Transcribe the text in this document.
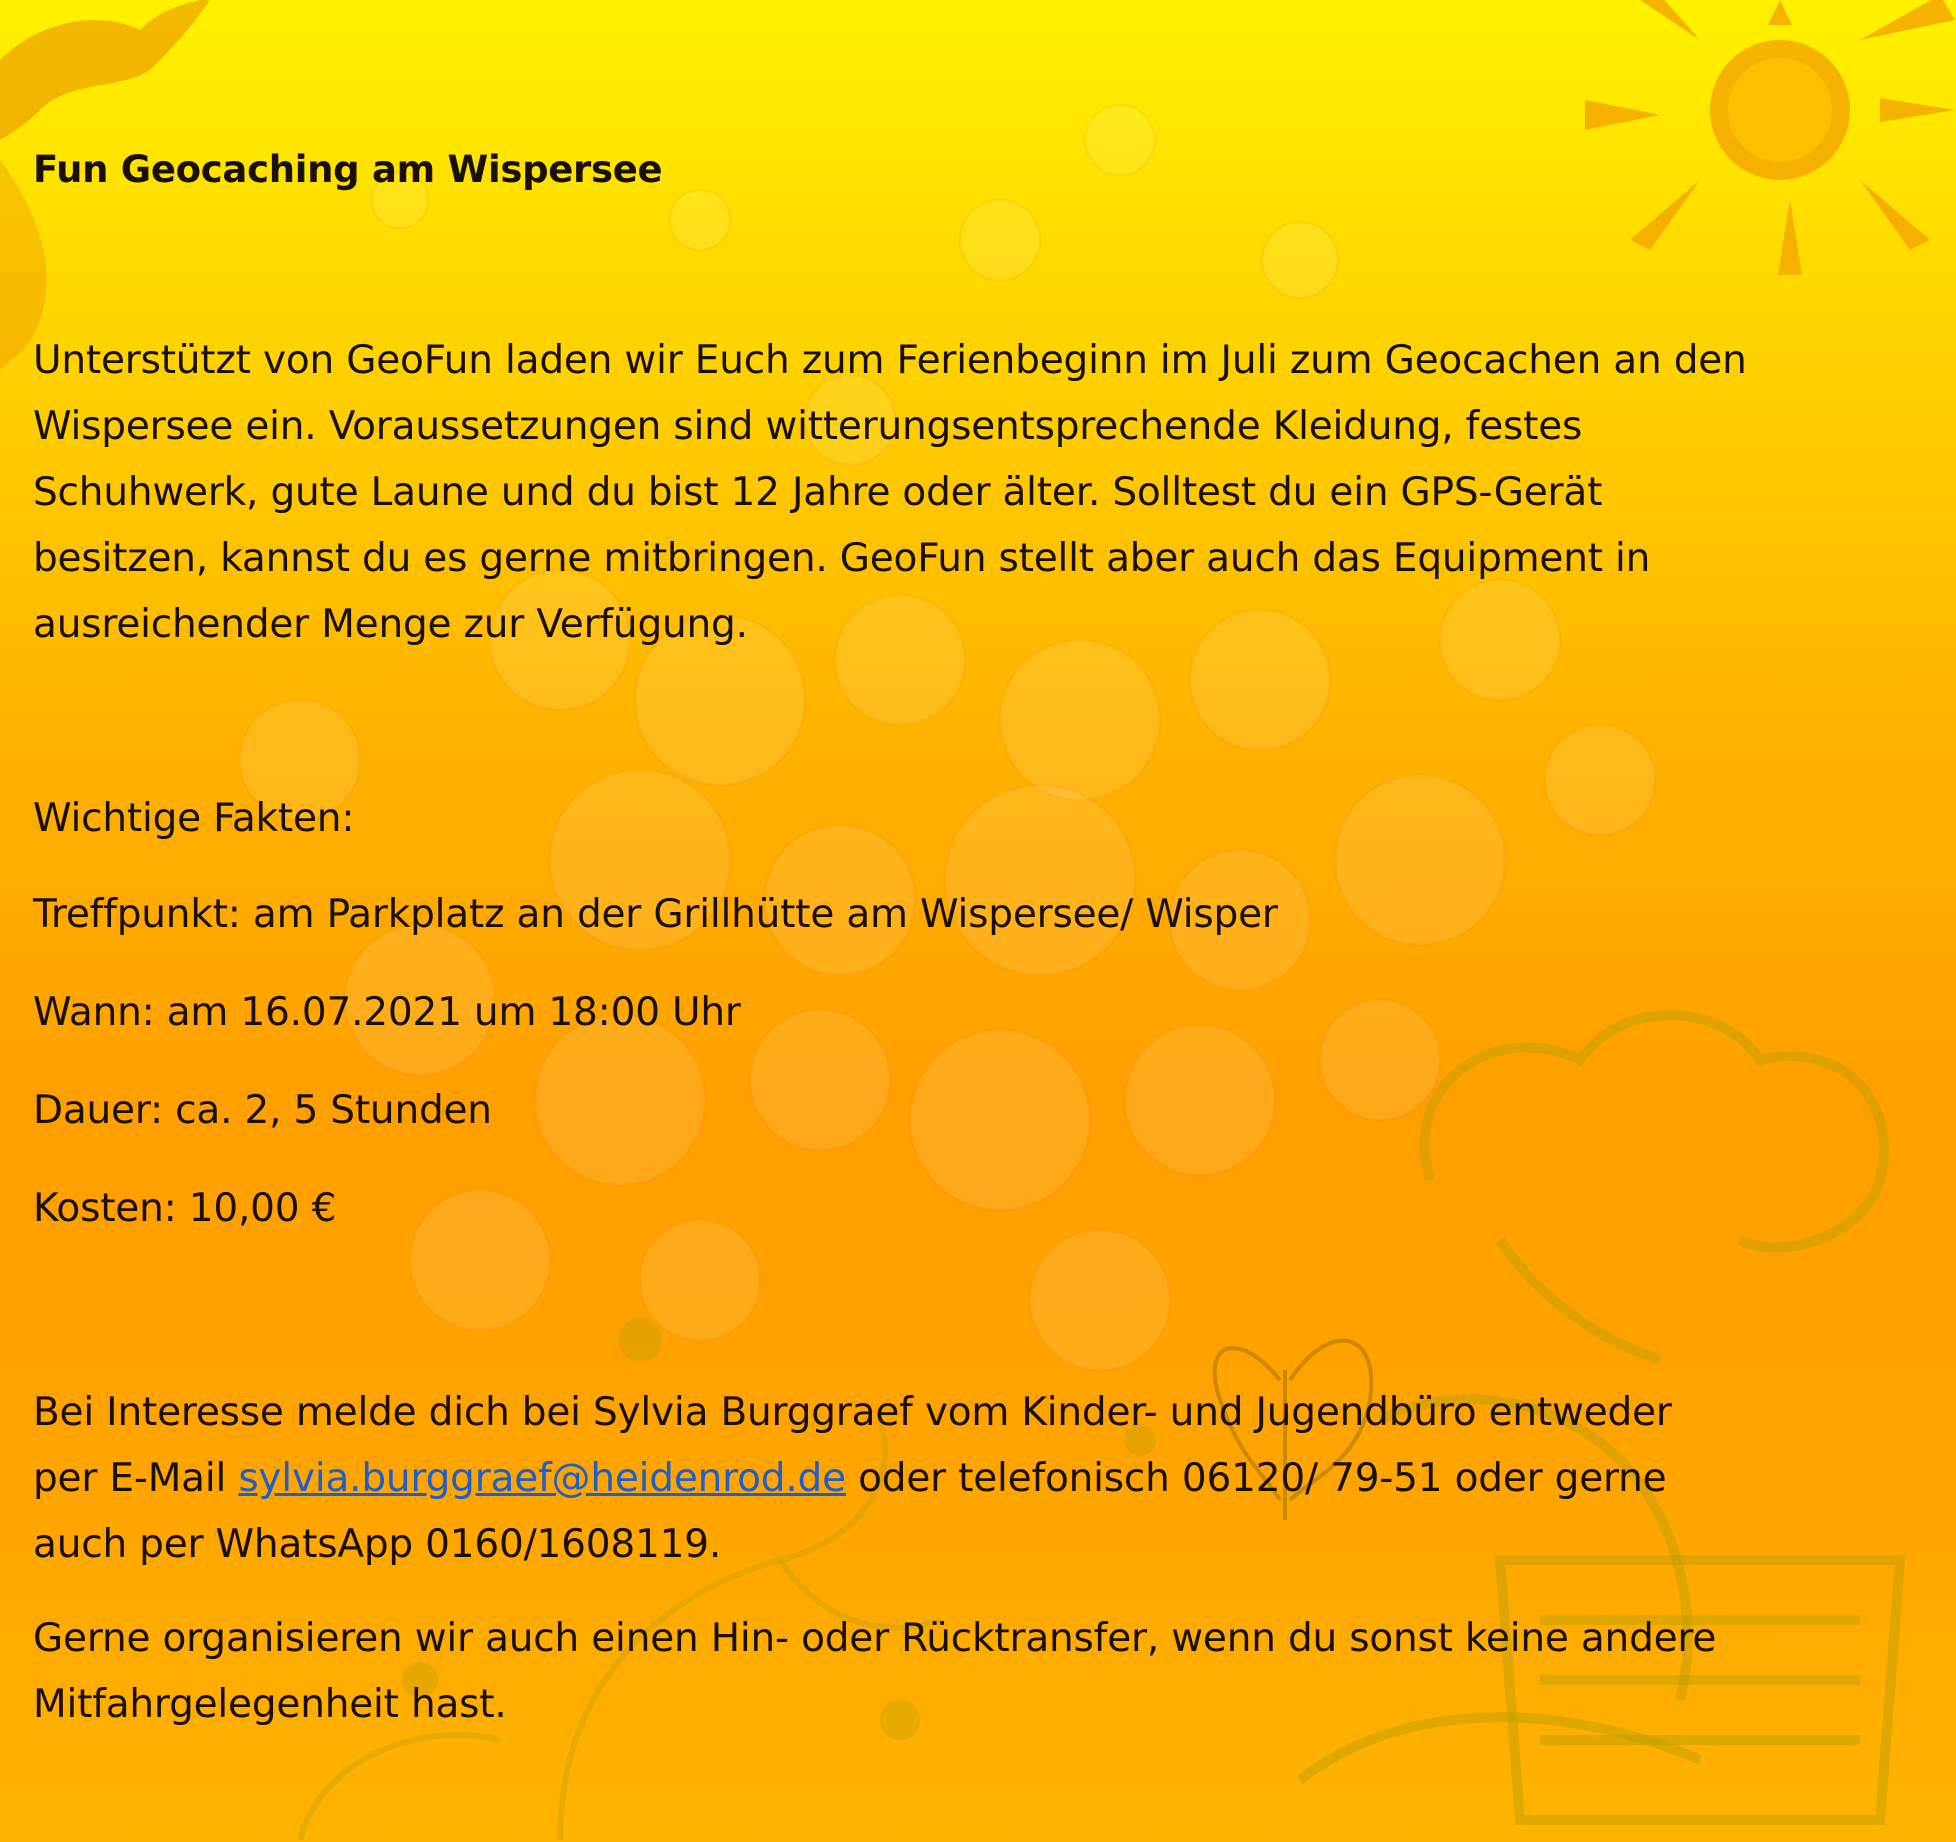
Fun Geocaching am Wispersee
Unterstützt von GeoFun laden wir Euch zum Ferienbeginn im Juli zum Geocachen an den
Wispersee ein. Voraussetzungen sind witterungsentsprechende Kleidung, festes
Schuhwerk, gute Laune und du bist 12 Jahre oder älter. Solltest du ein GPS-Gerät
besitzen, kannst du es gerne mitbringen. GeoFun stellt aber auch das Equipment in
ausreichender Menge zur Verfügung.
Wichtige Fakten:
Treffpunkt: am Parkplatz an der Grillhütte am Wispersee/ Wisper
Wann: am 16.07.2021 um 18:00 Uhr
Dauer: ca. 2, 5 Stunden
Kosten: 10,00 €
Bei Interesse melde dich bei Sylvia Burggraef vom Kinder- und Jugendbüro entweder
per E-Mail sylvia.burggraef@heidenrod.de oder telefonisch 06120/ 79-51 oder gerne
auch per WhatsApp 0160/1608119.
Gerne organisieren wir auch einen Hin- oder Rücktransfer, wenn du sonst keine andere
Mitfahrgelegenheit hast.
